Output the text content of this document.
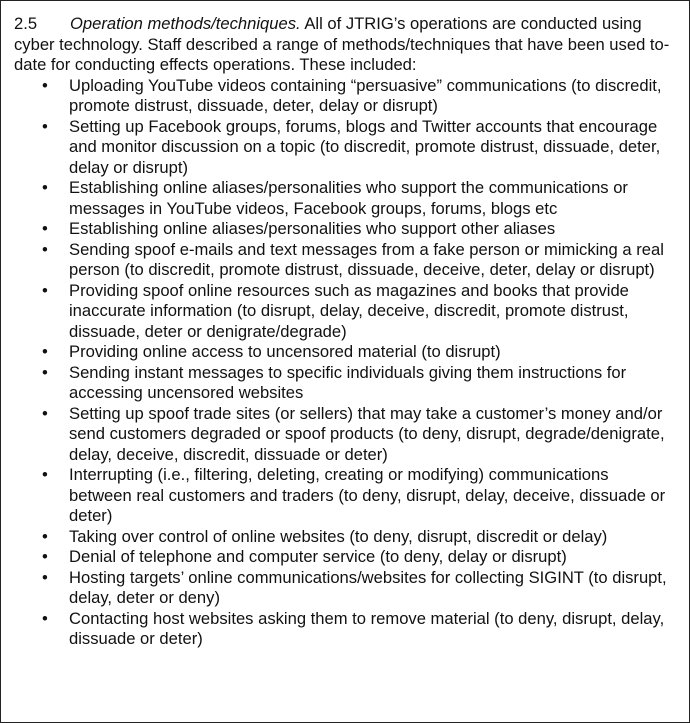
2.5 Operation methods/techniques. All of JTRIG’s operations are conducted using cyber technology. Staff described a range of methods/techniques that have been used to-date for conducting effects operations. These included:

• Uploading YouTube videos containing “persuasive” communications (to discredit, promote distrust, dissuade, deter, delay or disrupt)
• Setting up Facebook groups, forums, blogs and Twitter accounts that encourage and monitor discussion on a topic (to discredit, promote distrust, dissuade, deter, delay or disrupt)
• Establishing online aliases/personalities who support the communications or messages in YouTube videos, Facebook groups, forums, blogs etc
• Establishing online aliases/personalities who support other aliases
• Sending spoof e-mails and text messages from a fake person or mimicking a real person (to discredit, promote distrust, dissuade, deceive, deter, delay or disrupt)
• Providing spoof online resources such as magazines and books that provide inaccurate information (to disrupt, delay, deceive, discredit, promote distrust, dissuade, deter or denigrate/degrade)
• Providing online access to uncensored material (to disrupt)
• Sending instant messages to specific individuals giving them instructions for accessing uncensored websites
• Setting up spoof trade sites (or sellers) that may take a customer’s money and/or send customers degraded or spoof products (to deny, disrupt, degrade/denigrate, delay, deceive, discredit, dissuade or deter)
• Interrupting (i.e., filtering, deleting, creating or modifying) communications between real customers and traders (to deny, disrupt, delay, deceive, dissuade or deter)
• Taking over control of online websites (to deny, disrupt, discredit or delay)
• Denial of telephone and computer service (to deny, delay or disrupt)
• Hosting targets’ online communications/websites for collecting SIGINT (to disrupt, delay, deter or deny)
• Contacting host websites asking them to remove material (to deny, disrupt, delay, dissuade or deter)
